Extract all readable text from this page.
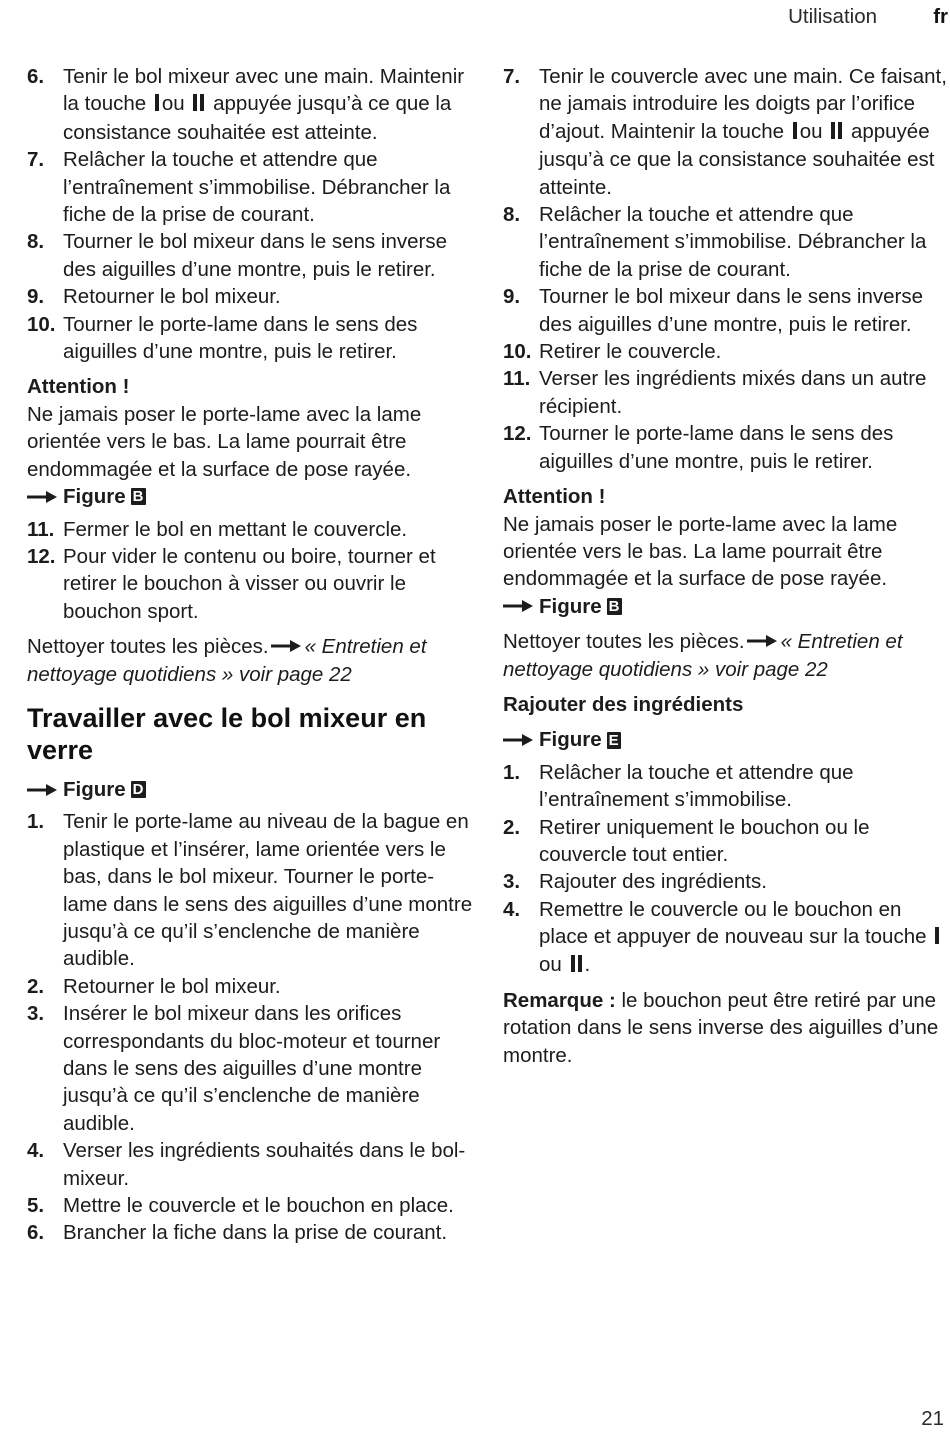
Utilisation	fr
6. Tenir le bol mixeur avec une main. Maintenir la touche ou appuyée jusqu’à ce que la consistance souhaitée est atteinte.
7. Relâcher la touche et attendre que l’entraînement s’immobilise. Débrancher la fiche de la prise de courant.
8. Tourner le bol mixeur dans le sens inverse des aiguilles d’une montre, puis le retirer.
9. Retourner le bol mixeur.
10. Tourner le porte-lame dans le sens des aiguilles d’une montre, puis le retirer.
Attention !
Ne jamais poser le porte-lame avec la lame orientée vers le bas. La lame pourrait être endommagée et la surface de pose rayée.
Figure B
11. Fermer le bol en mettant le couvercle.
12. Pour vider le contenu ou boire, tourner et retirer le bouchon à visser ou ouvrir le bouchon sport.
Nettoyer toutes les pièces. « Entretien et nettoyage quotidiens » voir page 22
Travailler avec le bol mixeur en verre
Figure D
1. Tenir le porte-lame au niveau de la bague en plastique et l’insérer, lame orientée vers le bas, dans le bol mixeur. Tourner le porte-lame dans le sens des aiguilles d’une montre jusqu’à ce qu’il s’enclenche de manière audible.
2. Retourner le bol mixeur.
3. Insérer le bol mixeur dans les orifices correspondants du bloc-moteur et tourner dans le sens des aiguilles d’une montre jusqu’à ce qu’il s’enclenche de manière audible.
4. Verser les ingrédients souhaités dans le bol-mixeur.
5. Mettre le couvercle et le bouchon en place.
6. Brancher la fiche dans la prise de courant.
7. Tenir le couvercle avec une main. Ce faisant, ne jamais introduire les doigts par l’orifice d’ajout. Maintenir la touche ou appuyée jusqu’à ce que la consistance souhaitée est atteinte.
8. Relâcher la touche et attendre que l’entraînement s’immobilise. Débrancher la fiche de la prise de courant.
9. Tourner le bol mixeur dans le sens inverse des aiguilles d’une montre, puis le retirer.
10. Retirer le couvercle.
11. Verser les ingrédients mixés dans un autre récipient.
12. Tourner le porte-lame dans le sens des aiguilles d’une montre, puis le retirer.
Attention !
Ne jamais poser le porte-lame avec la lame orientée vers le bas. La lame pourrait être endommagée et la surface de pose rayée.
Figure B
Nettoyer toutes les pièces. « Entretien et nettoyage quotidiens » voir page 22
Rajouter des ingrédients
Figure E
1. Relâcher la touche et attendre que l’entraînement s’immobilise.
2. Retirer uniquement le bouchon ou le couvercle tout entier.
3. Rajouter des ingrédients.
4. Remettre le couvercle ou le bouchon en place et appuyer de nouveau sur la touche ou .
Remarque : le bouchon peut être retiré par une rotation dans le sens inverse des aiguilles d’une montre.
21
